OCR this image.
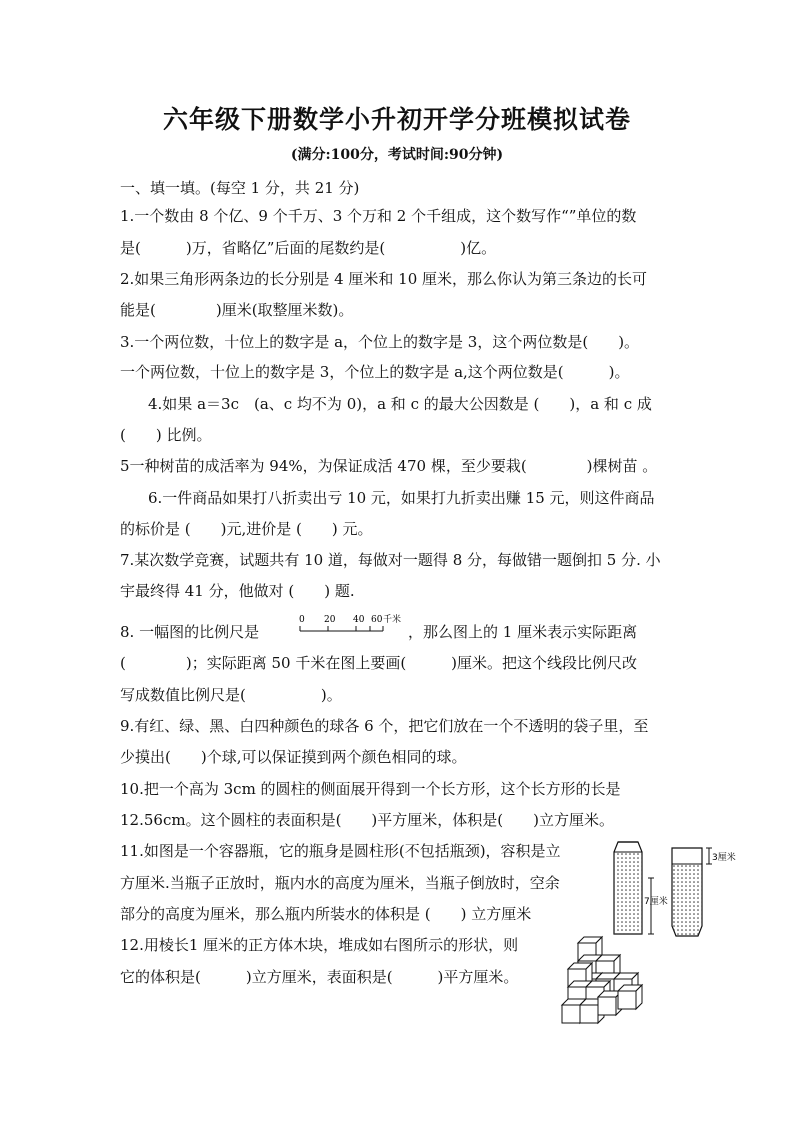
六年级下册数学小升初开学分班模拟试卷
(满分:100分，考试时间:90分钟)
一、填一填。(每空 1 分，共 21 分)
1.一个数由 8 个亿、9 个千万、3 个万和 2 个千组成，这个数写作“”单位的数
是(　　　)万，省略亿”后面的尾数约是(　　　　　)亿。
2.如果三角形两条边的长分别是 4 厘米和 10 厘米，那么你认为第三条边的长可
能是(　　　　)厘米(取整厘米数)。
3.一个两位数，十位上的数字是 a，个位上的数字是 3，这个两位数是(　　)。
一个两位数，十位上的数字是 3，个位上的数字是 a,这个两位数是(　　　)。
4.如果 a＝3c　(a、c 均不为 0)，a 和 c 的最大公因数是 (　　)，a 和 c 成
(　　) 比例。
5一种树苗的成活率为 94%，为保证成活 470 棵，至少要栽(　　　　)棵树苗 。
6.一件商品如果打八折卖出亏 10 元，如果打九折卖出赚 15 元，则这件商品
的标价是 (　　)元,进价是 (　　) 元。
7.某次数学竞赛，试题共有 10 道，每做对一题得 8 分，每做错一题倒扣 5 分. 小
宇最终得 41 分，他做对 (　　) 题.
8. 一幅图的比例尺是
0 20 40 60 千米
，那么图上的 1 厘米表示实际距离
(　　　　)；实际距离 50 千米在图上要画(　　　)厘米。把这个线段比例尺改
写成数值比例尺是(　　　　　)。
9.有红、绿、黑、白四种颜色的球各 6 个，把它们放在一个不透明的袋子里，至
少摸出(　　)个球,可以保证摸到两个颜色相同的球。
10.把一个高为 3cm 的圆柱的侧面展开得到一个长方形，这个长方形的长是
12.56cm。这个圆柱的表面积是(　　)平方厘米，体积是(　　)立方厘米。
11.如图是一个容器瓶，它的瓶身是圆柱形(不包括瓶颈)，容积是立
方厘米.当瓶子正放时，瓶内水的高度为厘米，当瓶子倒放时，空余
部分的高度为厘米，那么瓶内所装水的体积是 (　　) 立方厘米
3厘米
7厘米
12.用棱长1 厘米的正方体木块，堆成如右图所示的形状，则
它的体积是(　　　)立方厘米，表面积是(　　　)平方厘米。
